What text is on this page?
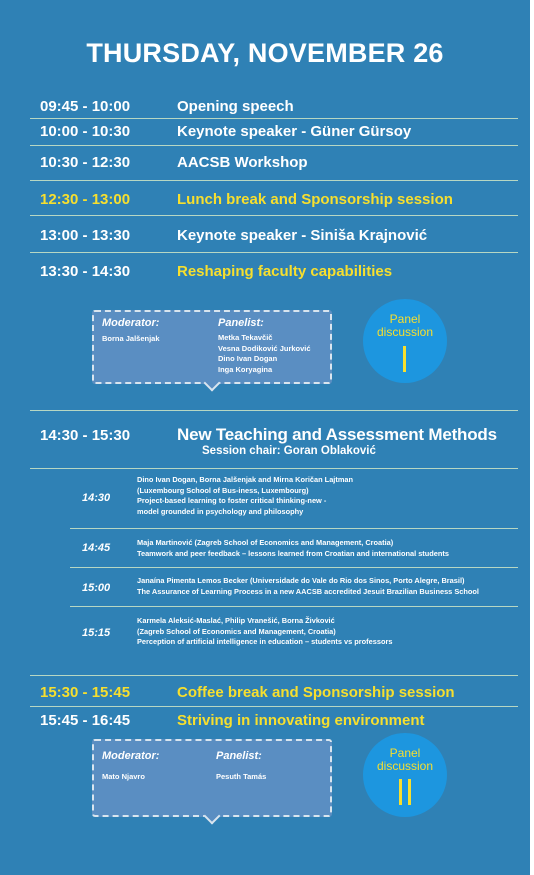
THURSDAY, NOVEMBER 26
09:45 - 10:00	Opening speech
10:00 - 10:30	Keynote speaker - Güner Gürsoy
10:30 - 12:30	AACSB Workshop
12:30 - 13:00	Lunch break and Sponsorship session
13:00 - 13:30	Keynote speaker - Siniša Krajnović
13:30 - 14:30	Reshaping faculty capabilities
Moderator:
Borna Jalšenjak
Panelist:
Metka Tekavčič
Vesna Dodiković Jurković
Dino Ivan Dogan
Inga Koryagina
Panel
discussion
14:30 - 15:30	New Teaching and Assessment Methods
Session chair: Goran Oblaković
14:30
Dino Ivan Dogan, Borna Jalšenjak and Mirna Koričan Lajtman
(Luxembourg School of Bus-iness, Luxembourg)
Project-based learning to foster critical thinking-new -
model grounded in psychology and philosophy
14:45	Maja Martinović (Zagreb School of Economics and Management, Croatia)
Teamwork and peer feedback – lessons learned from Croatian and international students
15:00
Janaína Pimenta Lemos Becker (Universidade do Vale do Rio dos Sinos, Porto Alegre, Brasil)
The Assurance of Learning Process in a new AACSB accredited Jesuit Brazilian Business School
15:15
Karmela Aleksić-Maslać, Philip Vranešić, Borna Živković
(Zagreb School of Economics and Management, Croatia)
Perception of artificial intelligence in education – students vs professors
15:30 - 15:45	Coffee break and Sponsorship session
15:45 - 16:45	Striving in innovating environment
Moderator:
Mato Njavro
Panelist:
Pesuth Tamás
Panel
discussion
